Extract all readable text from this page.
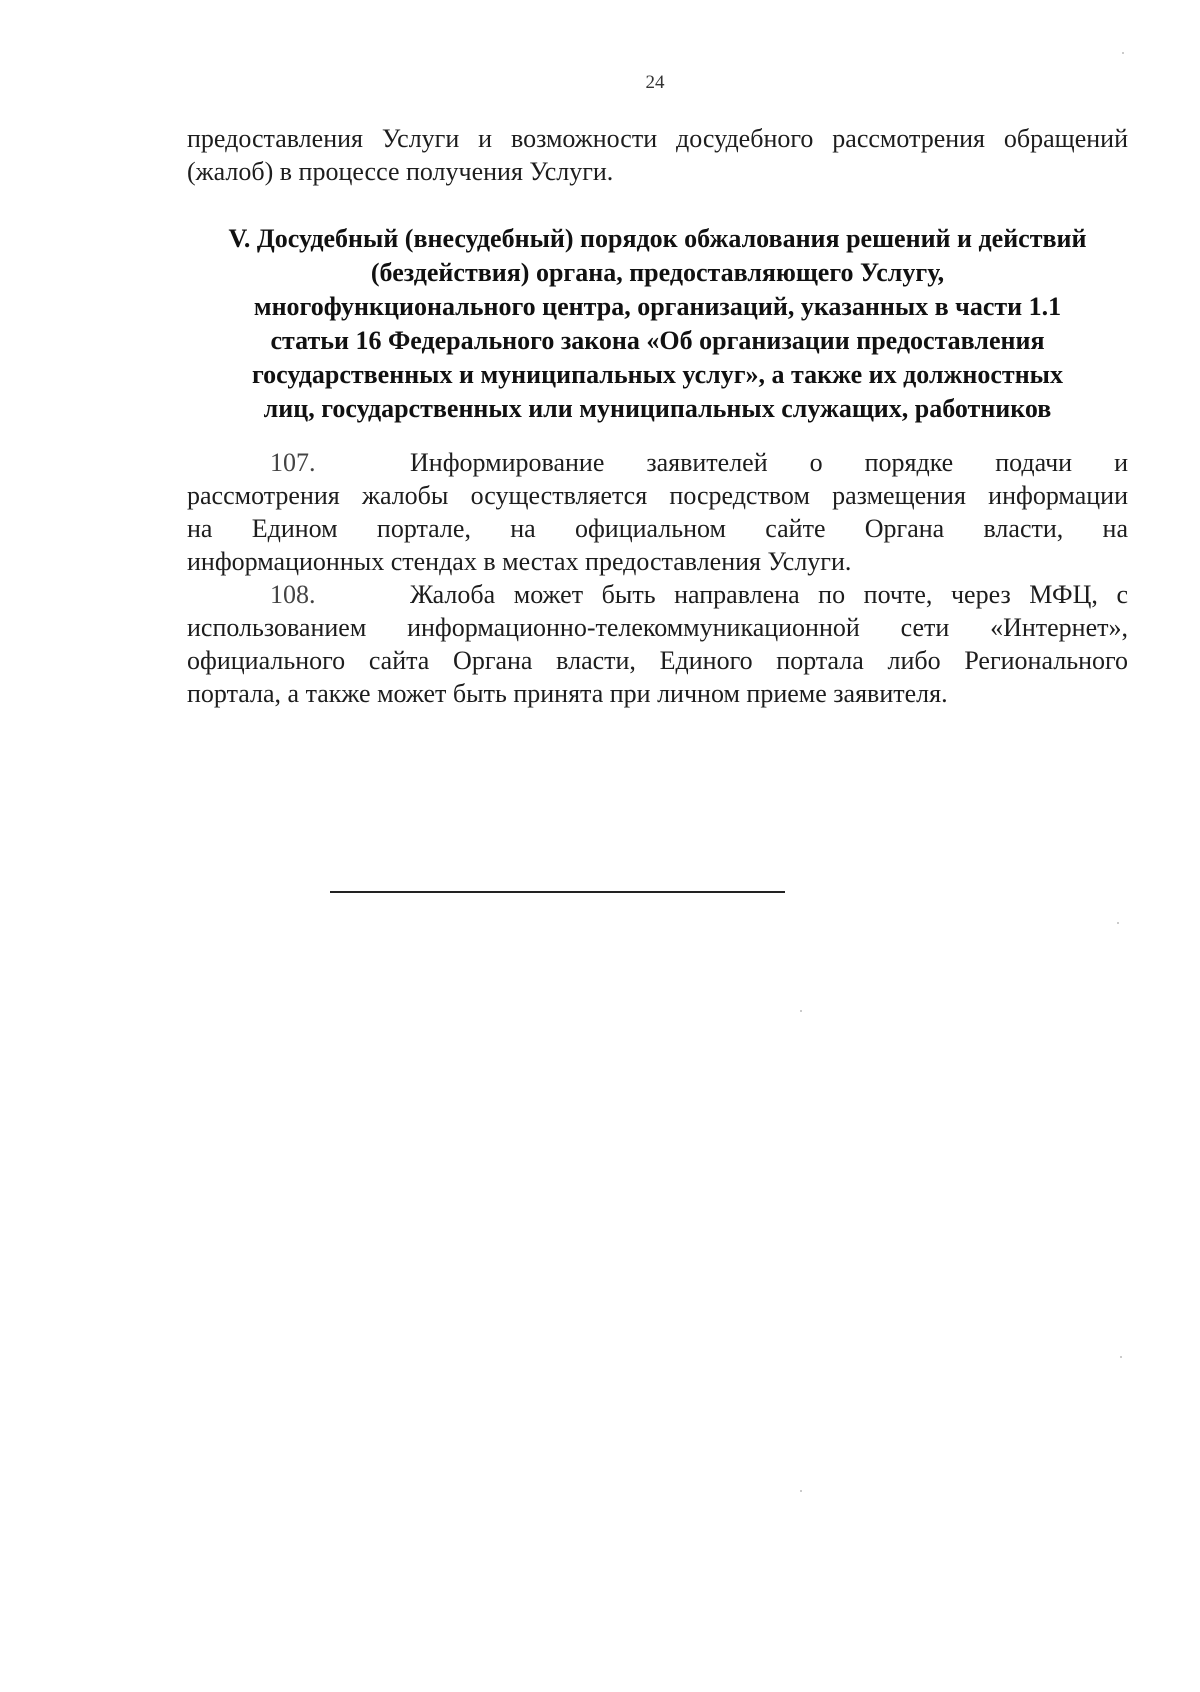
24
предоставления Услуги и возможности досудебного рассмотрения обращений (жалоб) в процессе получения Услуги.
V. Досудебный (внесудебный) порядок обжалования решений и действий
(бездействия) органа, предоставляющего Услугу,
многофункционального центра, организаций, указанных в части 1.1
статьи 16 Федерального закона «Об организации предоставления
государственных и муниципальных услуг», а также их должностных
лиц, государственных или муниципальных служащих, работников
107.	Информирование заявителей о порядке подачи и
рассмотрения жалобы осуществляется посредством размещения информации
на Едином портале, на официальном сайте Органа власти, на
информационных стендах в местах предоставления Услуги.
108.	Жалоба может быть направлена по почте, через МФЦ, с
использованием информационно-телекоммуникационной сети «Интернет»,
официального сайта Органа власти, Единого портала либо Регионального
портала, а также может быть принята при личном приеме заявителя.
